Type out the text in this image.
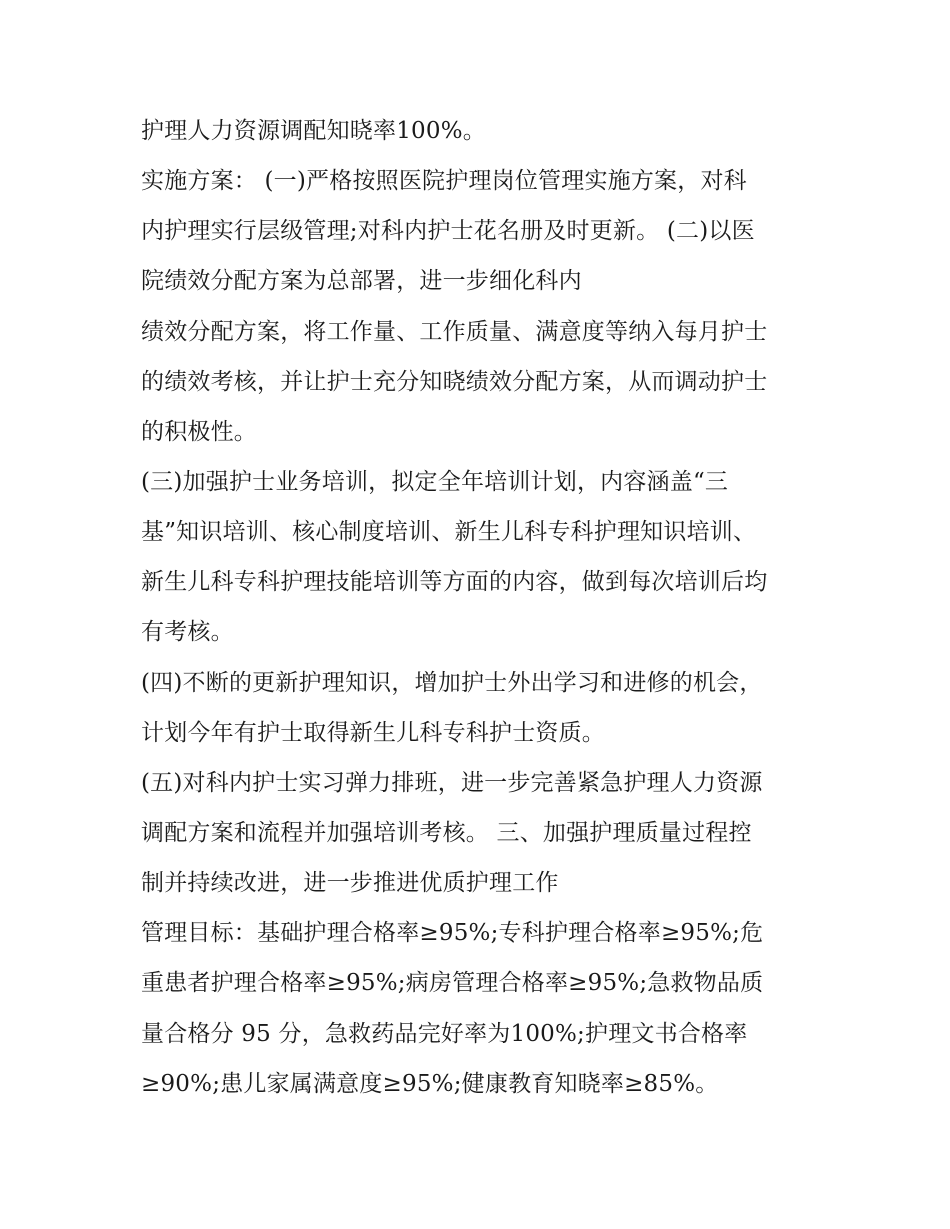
护理人力资源调配知晓率100%。
实施方案： (一)严格按照医院护理岗位管理实施方案，对科
内护理实行层级管理;对科内护士花名册及时更新。 (二)以医
院绩效分配方案为总部署，进一步细化科内
绩效分配方案，将工作量、工作质量、满意度等纳入每月护士
的绩效考核，并让护士充分知晓绩效分配方案，从而调动护士
的积极性。
(三)加强护士业务培训，拟定全年培训计划，内容涵盖“三
基”知识培训、核心制度培训、新生儿科专科护理知识培训、
新生儿科专科护理技能培训等方面的内容，做到每次培训后均
有考核。
(四)不断的更新护理知识，增加护士外出学习和进修的机会，
计划今年有护士取得新生儿科专科护士资质。
(五)对科内护士实习弹力排班，进一步完善紧急护理人力资源
调配方案和流程并加强培训考核。 三、加强护理质量过程控
制并持续改进，进一步推进优质护理工作
管理目标：基础护理合格率≥95%;专科护理合格率≥95%;危
重患者护理合格率≥95%;病房管理合格率≥95%;急救物品质
量合格分 95 分，急救药品完好率为100%;护理文书合格率
≥90%;患儿家属满意度≥95%;健康教育知晓率≥85%。
